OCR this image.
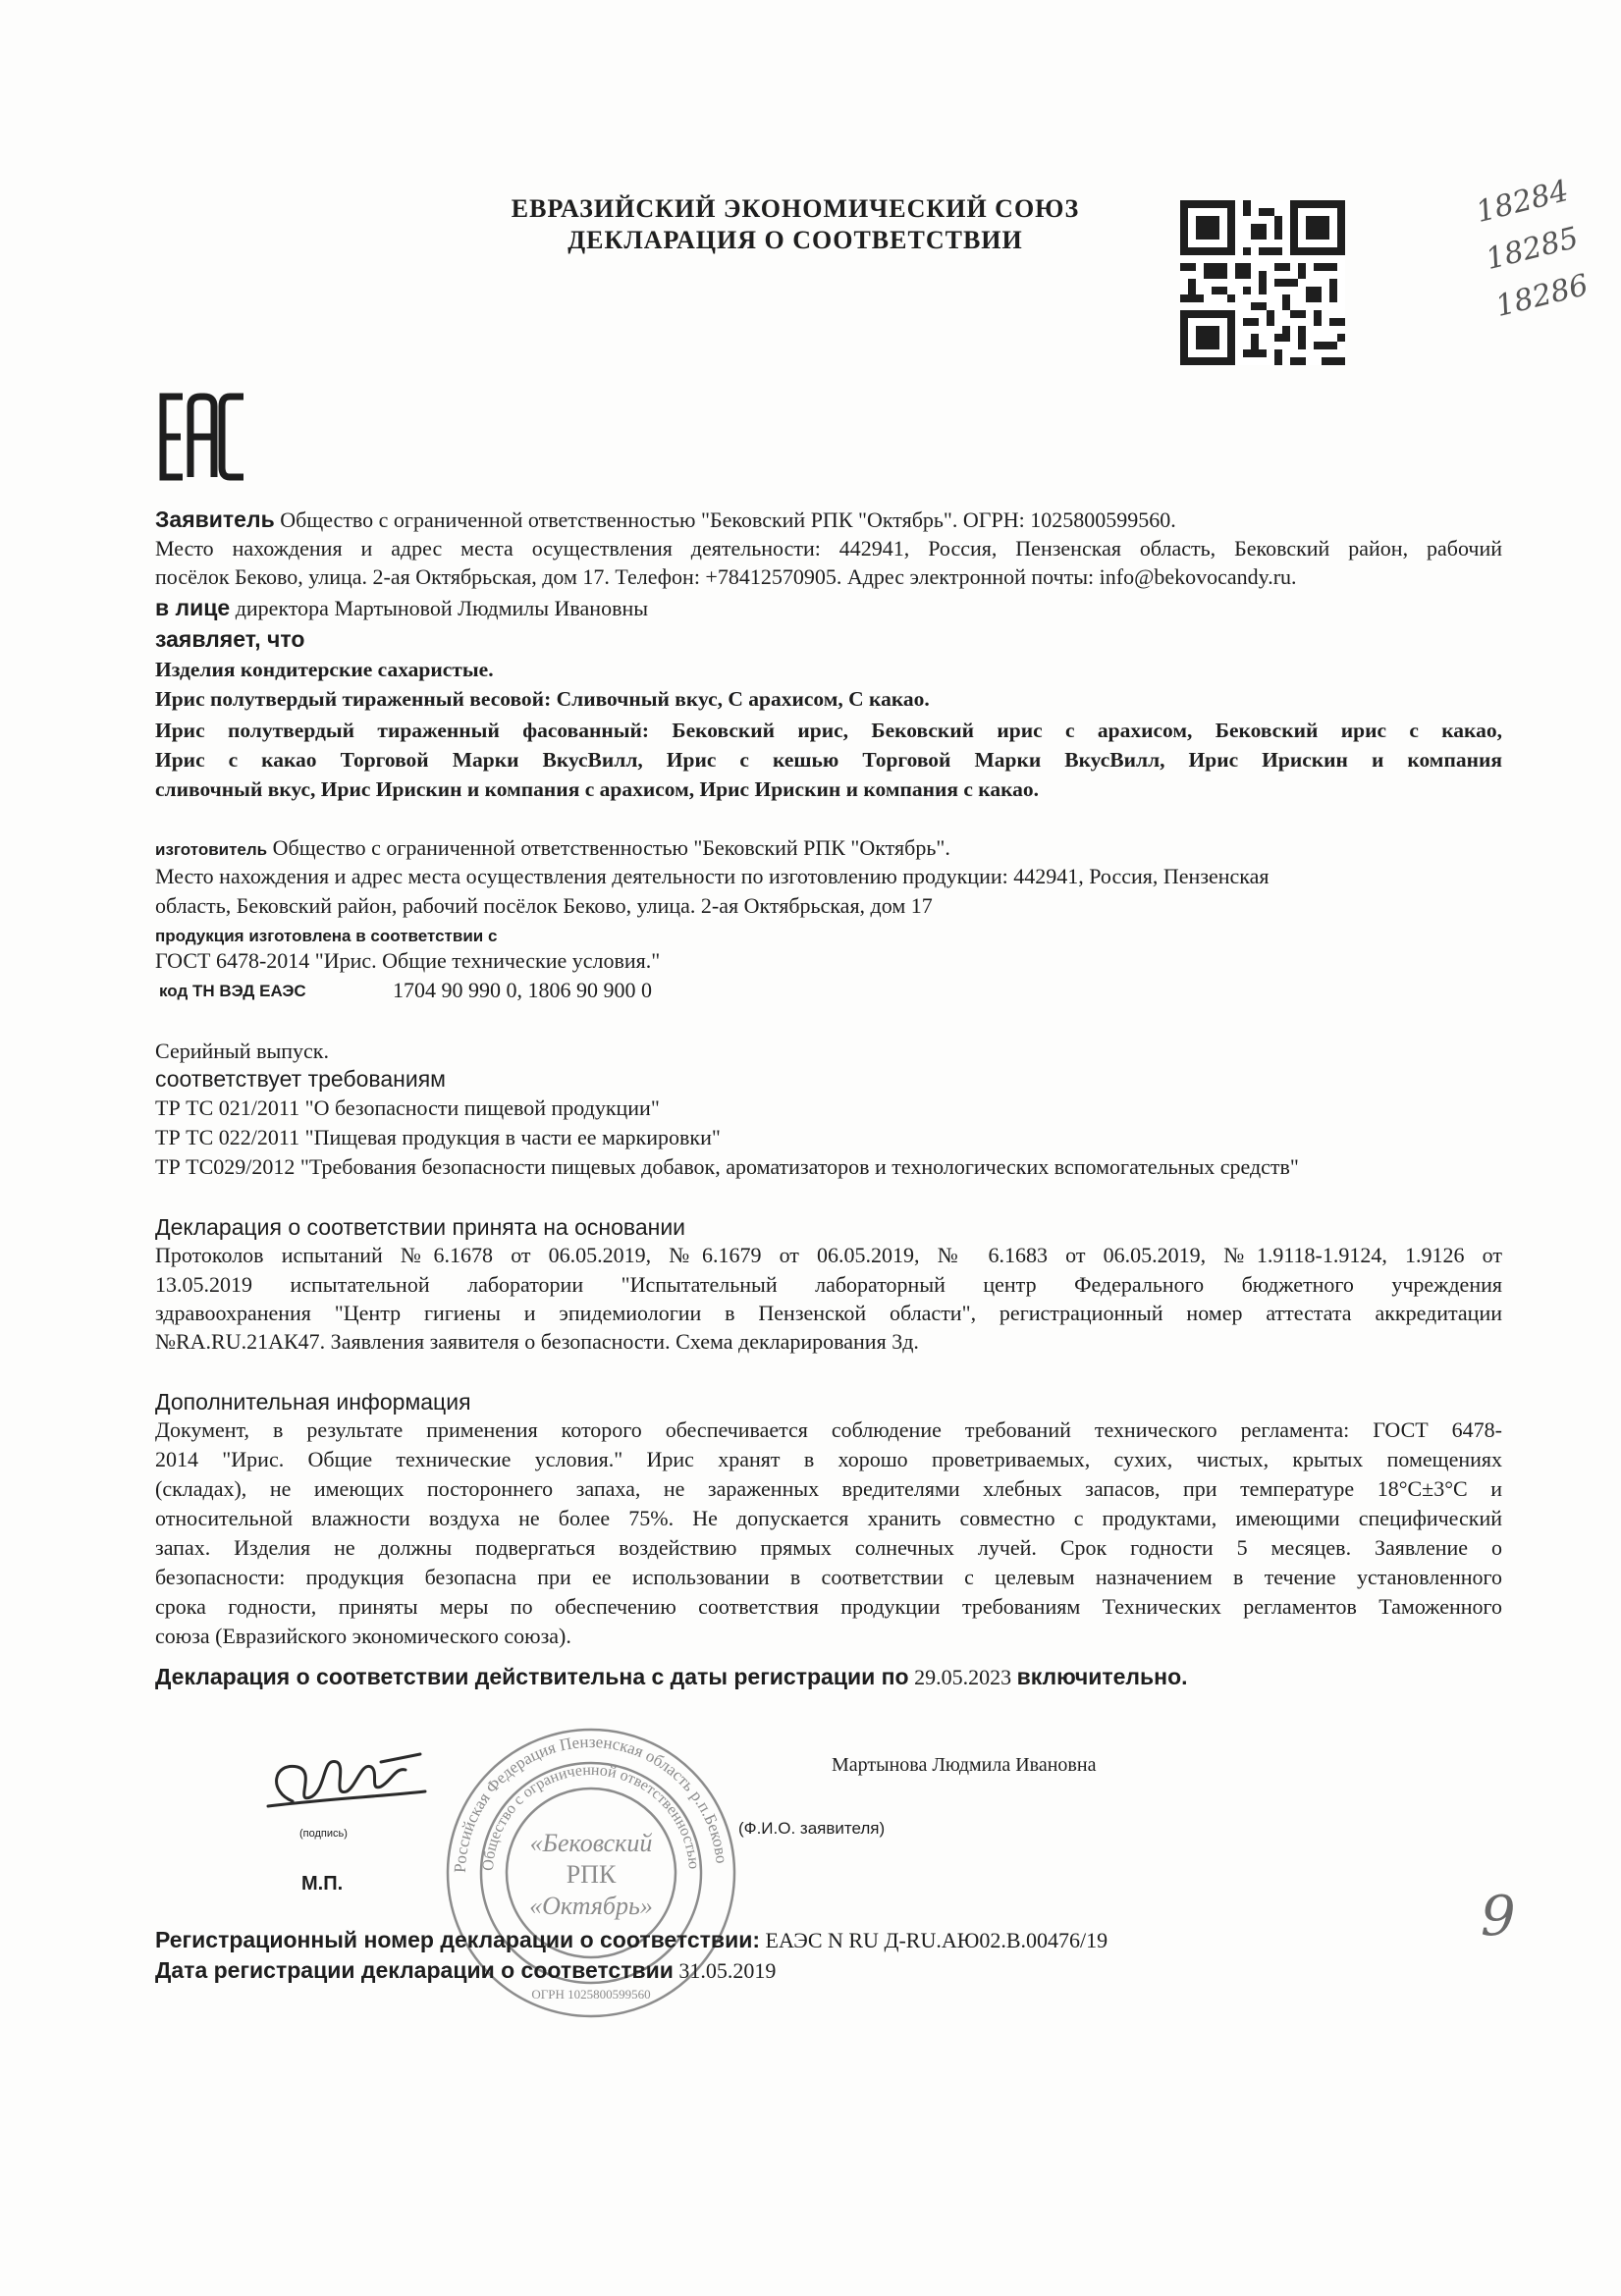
ЕВРАЗИЙСКИЙ ЭКОНОМИЧЕСКИЙ СОЮЗ
ДЕКЛАРАЦИЯ О СООТВЕТСТВИИ
18284
18285
18286
Заявитель Общество с ограниченной ответственностью "Бековский РПК "Октябрь". ОГРН: 1025800599560.
Место нахождения и адрес места осуществления деятельности: 442941, Россия, Пензенская область, Бековский район, рабочий
посёлок Беково, улица. 2-ая Октябрьская, дом 17. Телефон: +78412570905. Адрес электронной почты: info@bekovocandy.ru.
в лице директора Мартыновой Людмилы Ивановны
заявляет, что
Изделия кондитерские сахаристые.
Ирис полутвердый тираженный весовой: Сливочный вкус, С арахисом, С какао.
Ирис полутвердый тираженный фасованный: Бековский ирис, Бековский ирис с арахисом, Бековский ирис с какао,
Ирис с какао Торговой Марки ВкусВилл, Ирис с кешью Торговой Марки ВкусВилл, Ирис Ирискин и компания
сливочный вкус, Ирис Ирискин и компания с арахисом, Ирис Ирискин и компания с какао.
изготовитель Общество с ограниченной ответственностью "Бековский РПК "Октябрь".
Место нахождения и адрес места осуществления деятельности по изготовлению продукции: 442941, Россия, Пензенская
область, Бековский район, рабочий посёлок Беково, улица. 2-ая Октябрьская, дом 17
продукция изготовлена в соответствии с
ГОСТ 6478-2014 "Ирис. Общие технические условия."
код ТН ВЭД ЕАЭС	1704 90 990 0, 1806 90 900 0
Серийный выпуск.
соответствует требованиям
ТР ТС 021/2011 "О безопасности пищевой продукции"
ТР ТС 022/2011 "Пищевая продукция в части ее маркировки"
ТР ТС029/2012 "Требования безопасности пищевых добавок, ароматизаторов и технологических вспомогательных средств"
Декларация о соответствии принята на основании
Протоколов испытаний №6.1678 от 06.05.2019, №6.1679 от 06.05.2019, № 6.1683 от 06.05.2019, №1.9118-1.9124, 1.9126 от
13.05.2019 испытательной лаборатории "Испытательный лабораторный центр Федерального бюджетного учреждения
здравоохранения "Центр гигиены и эпидемиологии в Пензенской области", регистрационный номер аттестата аккредитации
№RA.RU.21АК47. Заявления заявителя о безопасности. Схема декларирования 3д.
Дополнительная информация
Документ, в результате применения которого обеспечивается соблюдение требований технического регламента: ГОСТ 6478-
2014 "Ирис. Общие технические условия." Ирис хранят в хорошо проветриваемых, сухих, чистых, крытых помещениях
(складах), не имеющих постороннего запаха, не зараженных вредителями хлебных запасов, при температуре 18°С±3°С и
относительной влажности воздуха не более 75%. Не допускается хранить совместно с продуктами, имеющими специфический
запах. Изделия не должны подвергаться воздействию прямых солнечных лучей. Срок годности 5 месяцев. Заявление о
безопасности: продукция безопасна при ее использовании в соответствии с целевым назначением в течение установленного
срока годности, приняты меры по обеспечению соответствия продукции требованиям Технических регламентов Таможенного
союза (Евразийского экономического союза).
Декларация о соответствии действительна с даты регистрации по 29.05.2023 включительно.
Мартынова Людмила Ивановна
(подпись)	(Ф.И.О. заявителя)
М.П.
Российская Федерация Пензенская область р.п.Беково
Общество с ограниченной ответственностью
«Бековский
РПК
«Октябрь»
ОГРН 1025800599560
9
Регистрационный номер декларации о соответствии: ЕАЭС N RU Д-RU.АЮ02.В.00476/19
Дата регистрации декларации о соответствии 31.05.2019
